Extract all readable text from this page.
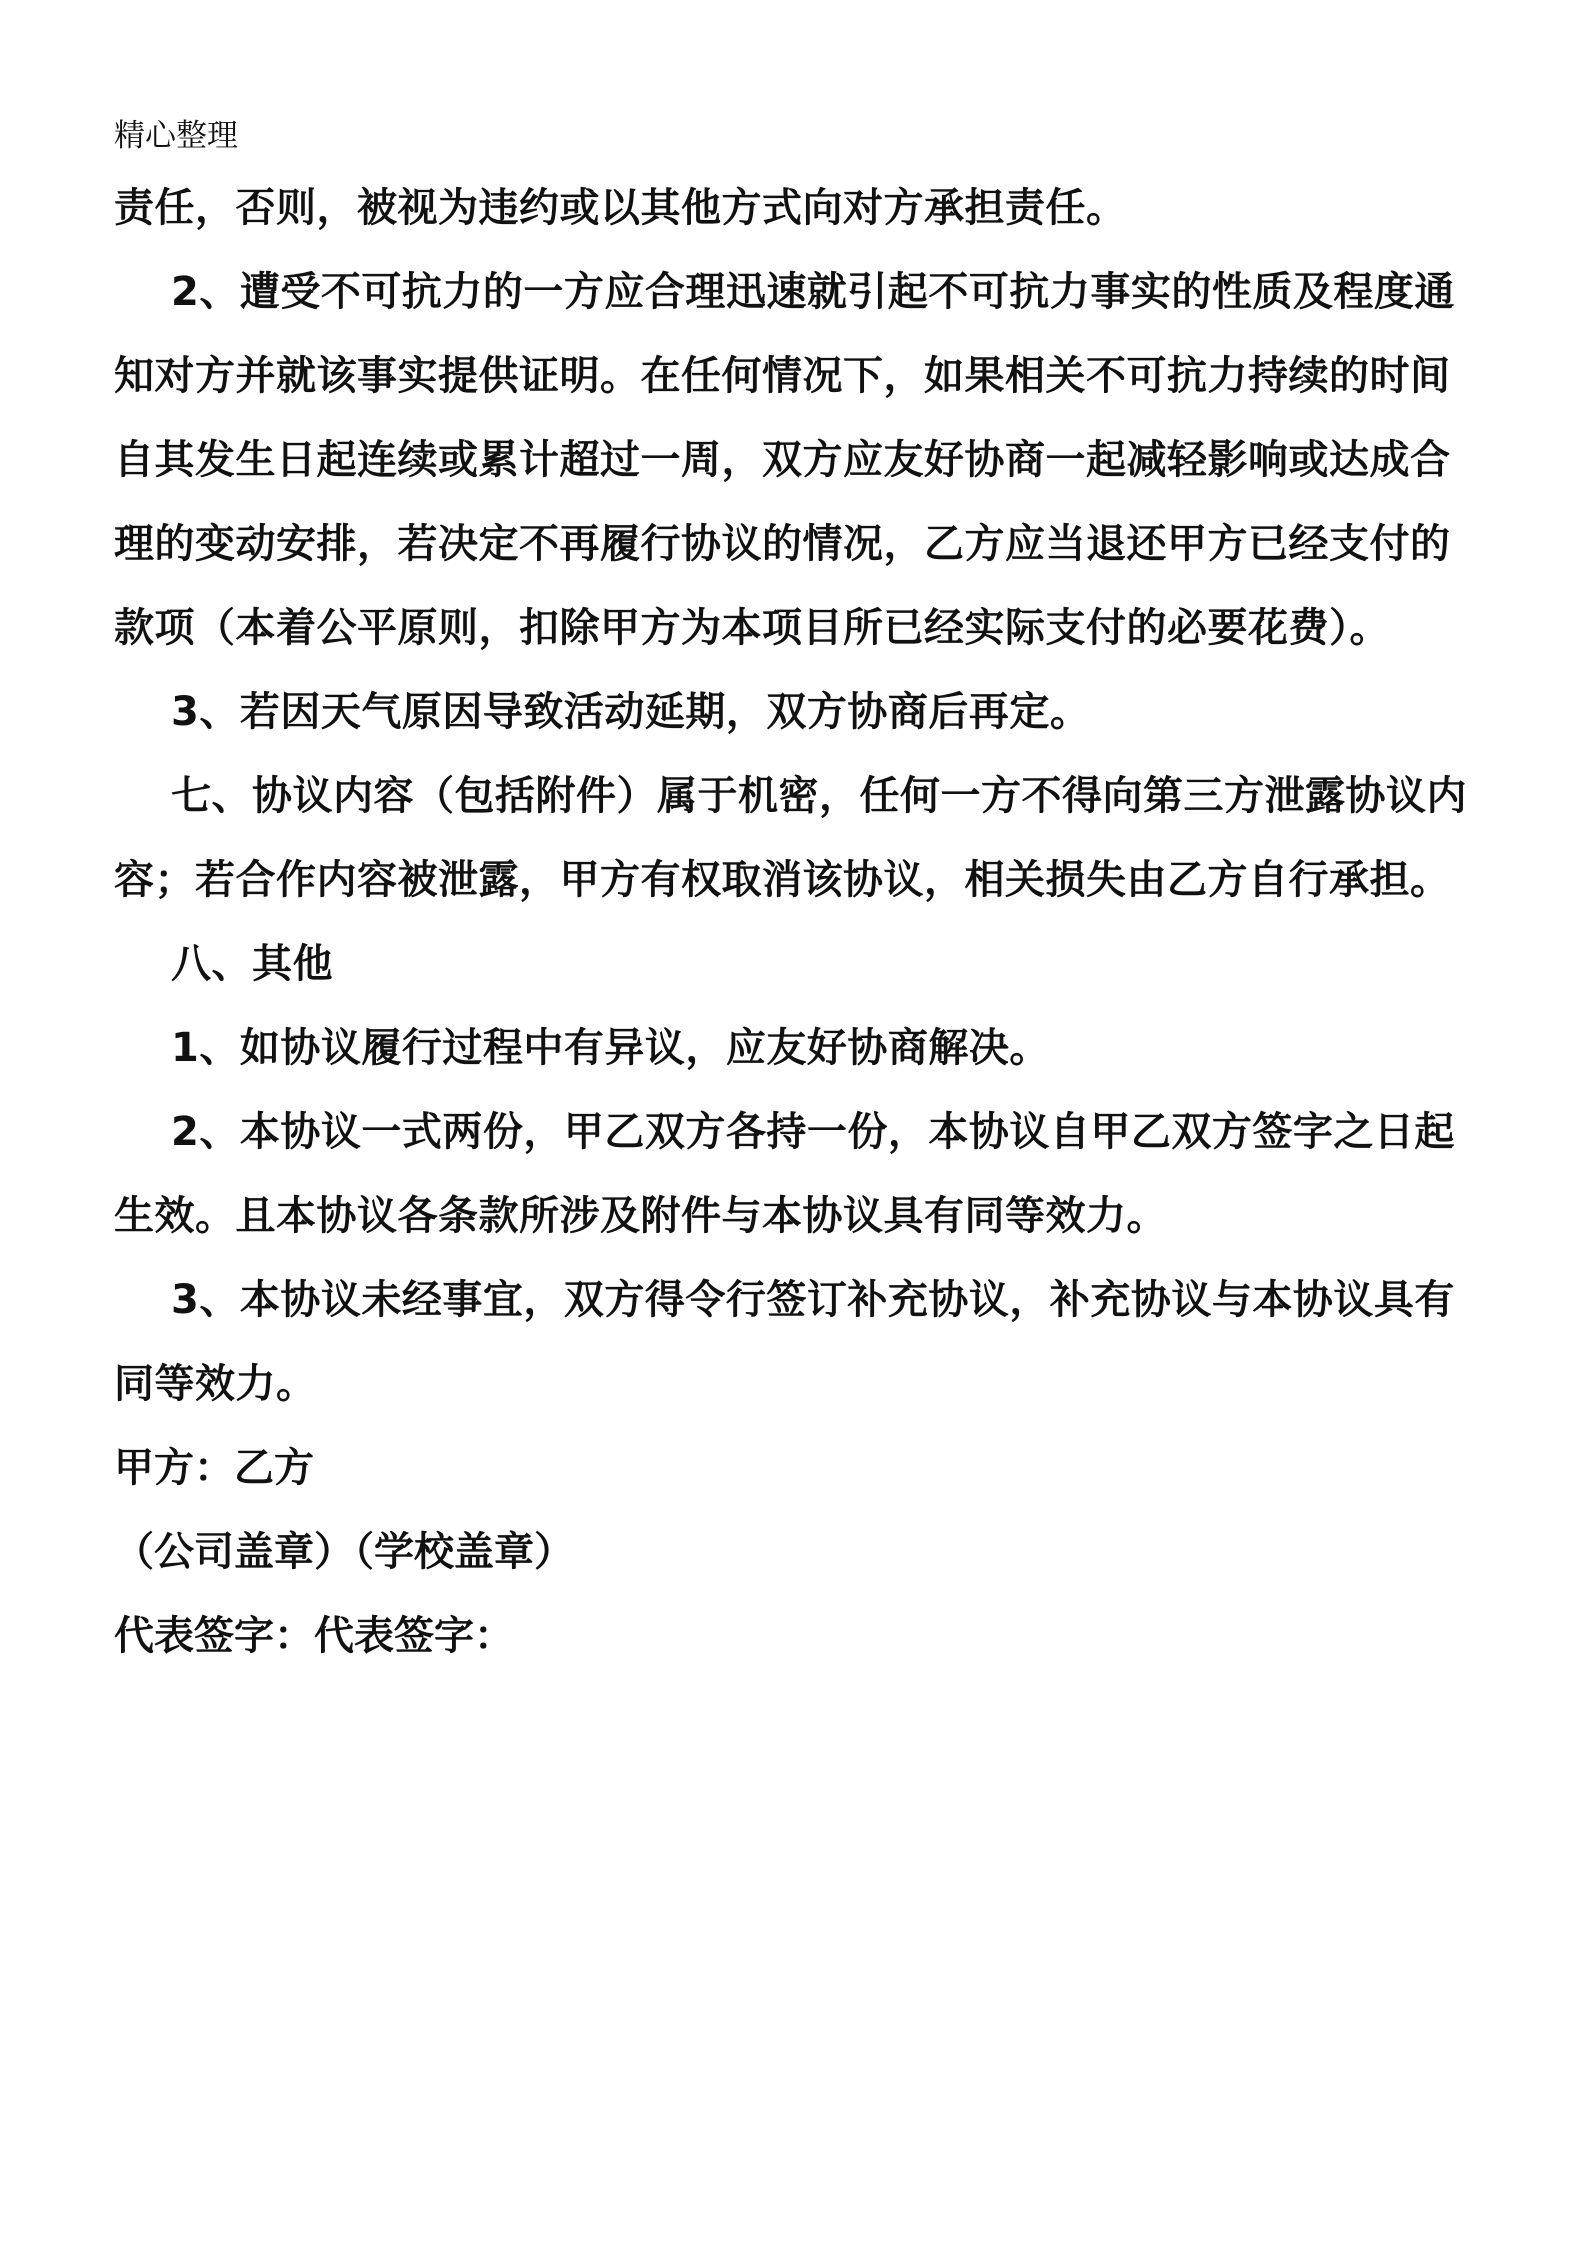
精心整理

责任，否则，被视为违约或以其他方式向对方承担责任。

2、遭受不可抗力的一方应合理迅速就引起不可抗力事实的性质及程度通知对方并就该事实提供证明。在任何情况下，如果相关不可抗力持续的时间自其发生日起连续或累计超过一周，双方应友好协商一起减轻影响或达成合理的变动安排，若决定不再履行协议的情况，乙方应当退还甲方已经支付的款项（本着公平原则，扣除甲方为本项目所已经实际支付的必要花费）。

3、若因天气原因导致活动延期，双方协商后再定。

七、协议内容（包括附件）属于机密，任何一方不得向第三方泄露协议内容；若合作内容被泄露，甲方有权取消该协议，相关损失由乙方自行承担。

八、其他

1、如协议履行过程中有异议，应友好协商解决。

2、本协议一式两份，甲乙双方各持一份，本协议自甲乙双方签字之日起生效。且本协议各条款所涉及附件与本协议具有同等效力。

3、本协议未经事宜，双方得令行签订补充协议，补充协议与本协议具有同等效力。

甲方：乙方

（公司盖章）（学校盖章）

代表签字：代表签字：
